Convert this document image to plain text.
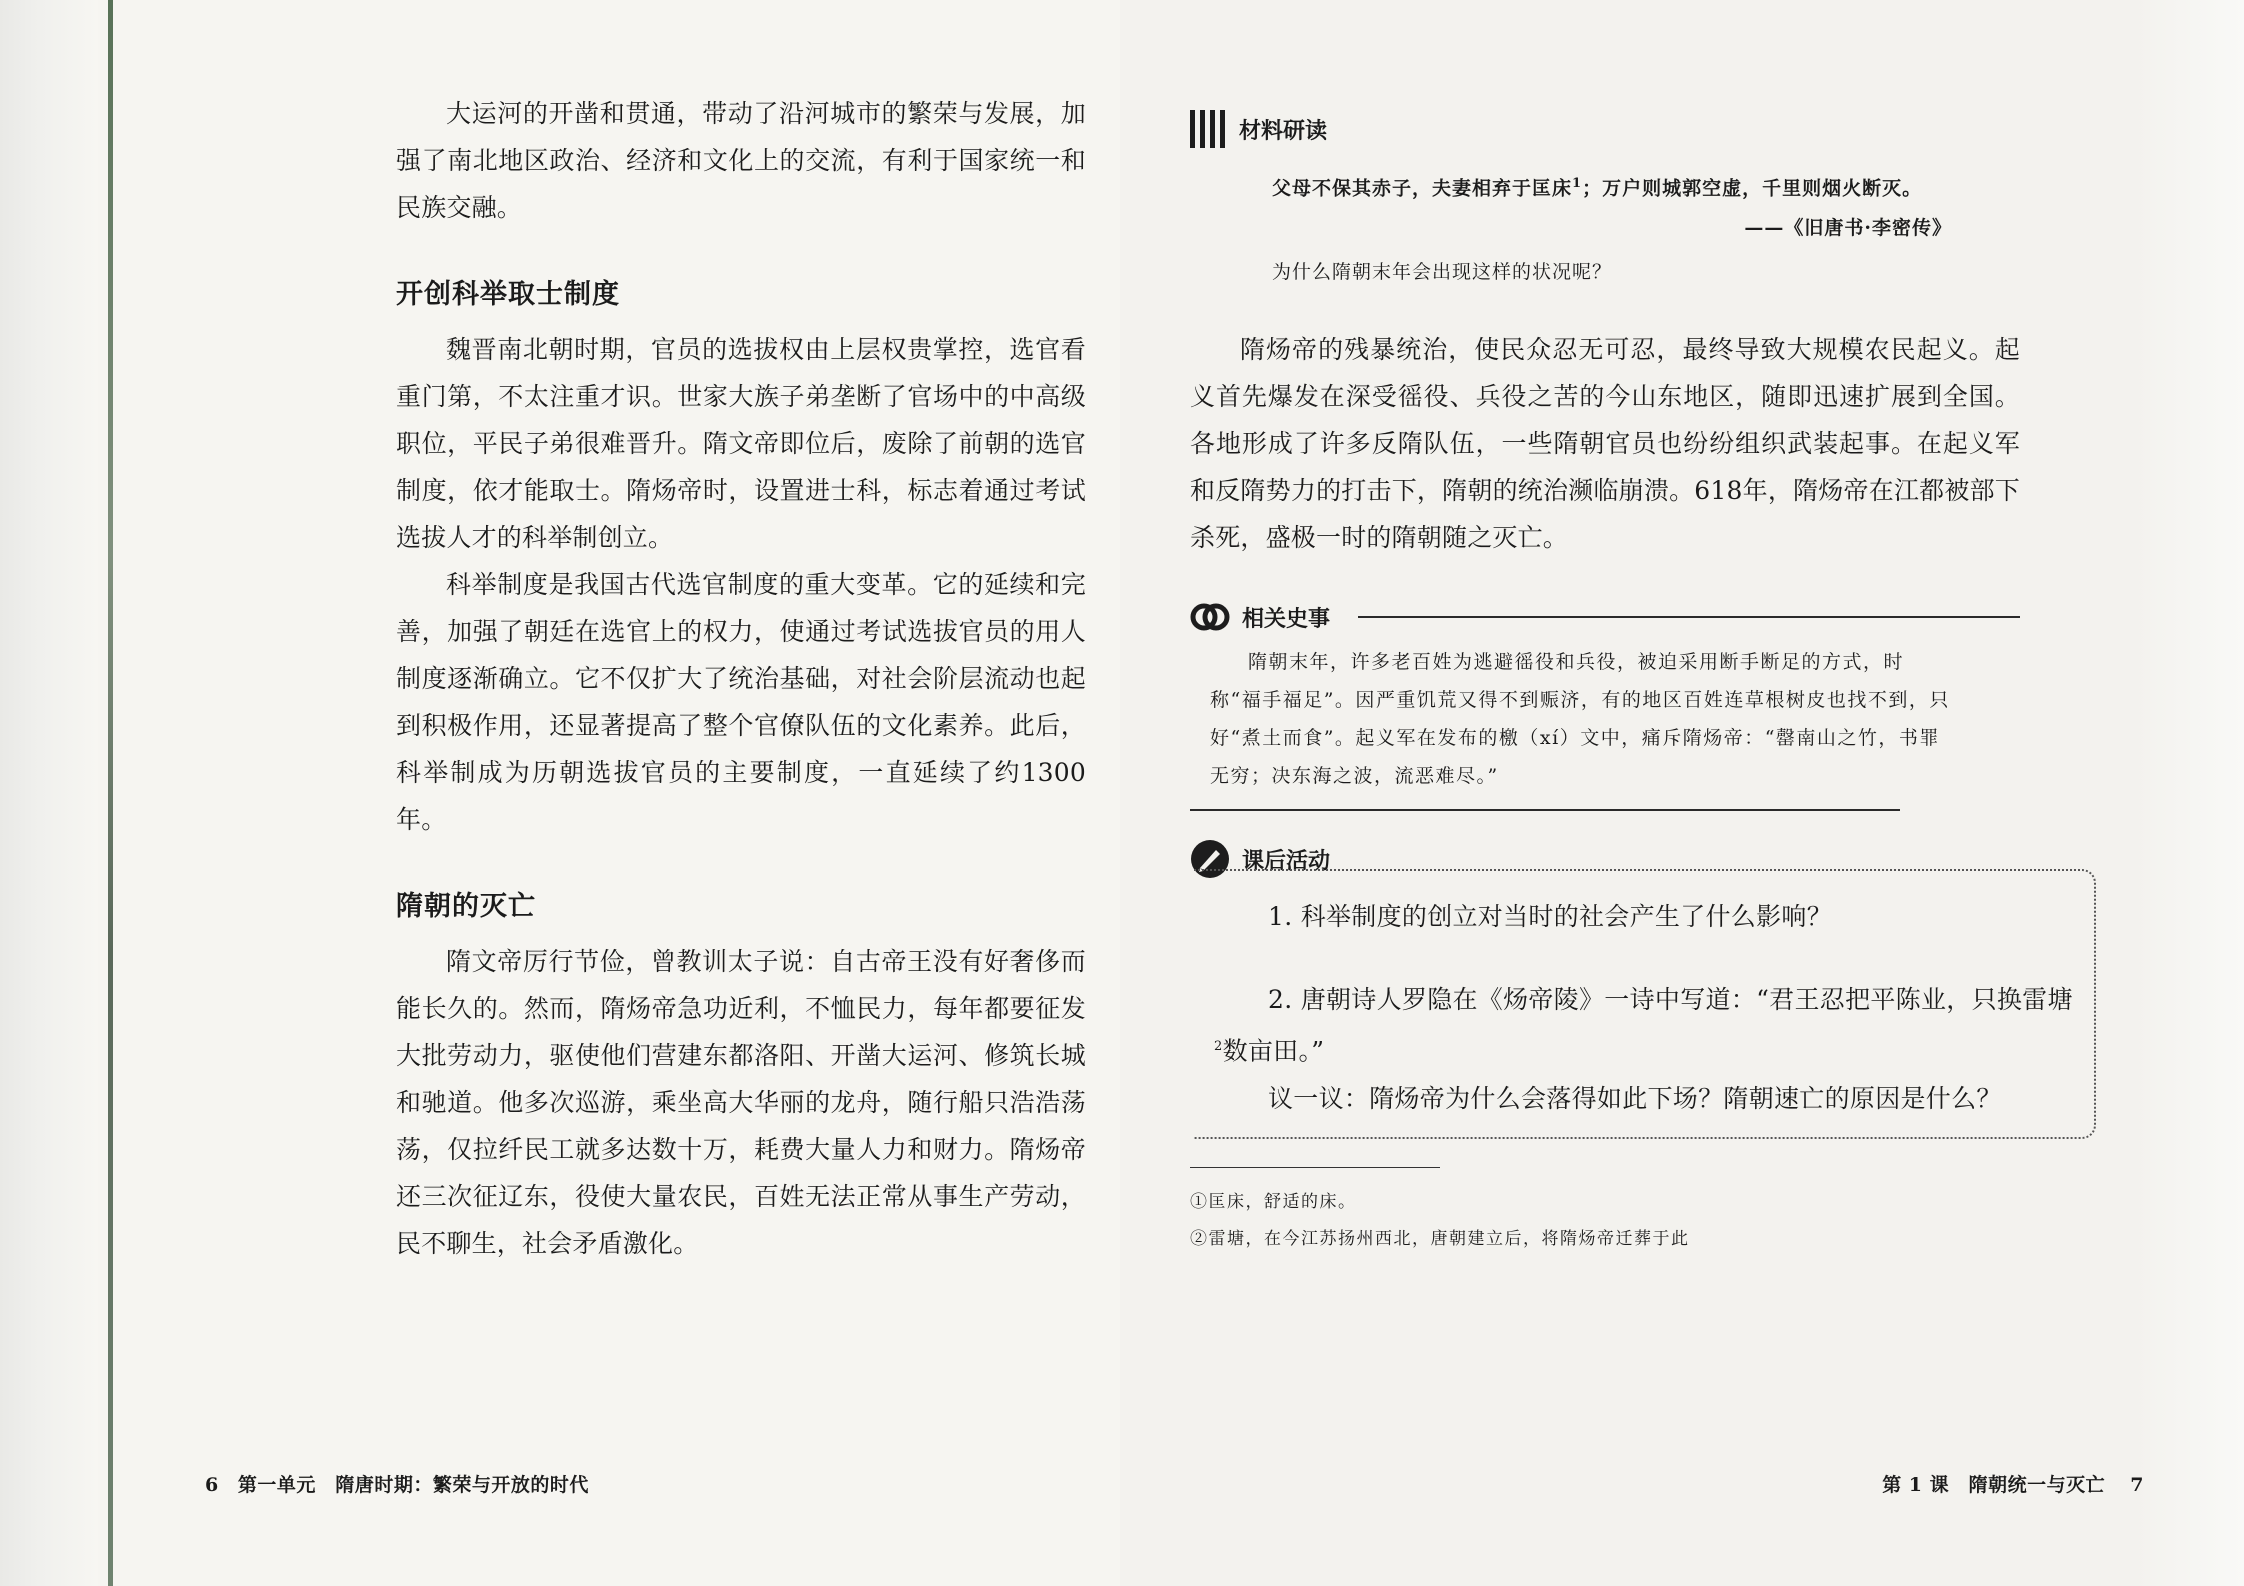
大运河的开凿和贯通，带动了沿河城市的繁荣与发展，加强了南北地区政治、经济和文化上的交流，有利于国家统一和民族交融。

开创科举取士制度

魏晋南北朝时期，官员的选拔权由上层权贵掌控，选官看重门第，不太注重才识。世家大族子弟垄断了官场中的中高级职位，平民子弟很难晋升。隋文帝即位后，废除了前朝的选官制度，依才能取士。隋炀帝时，设置进士科，标志着通过考试选拔人才的科举制创立。

科举制度是我国古代选官制度的重大变革。它的延续和完善，加强了朝廷在选官上的权力，使通过考试选拔官员的用人制度逐渐确立。它不仅扩大了统治基础，对社会阶层流动也起到积极作用，还显著提高了整个官僚队伍的文化素养。此后，科举制成为历朝选拔官员的主要制度，一直延续了约1300年。

隋朝的灭亡

隋文帝厉行节俭，曾教训太子说：自古帝王没有好奢侈而能长久的。然而，隋炀帝急功近利，不恤民力，每年都要征发大批劳动力，驱使他们营建东都洛阳、开凿大运河、修筑长城和驰道。他多次巡游，乘坐高大华丽的龙舟，随行船只浩浩荡荡，仅拉纤民工就多达数十万，耗费大量人力和财力。隋炀帝还三次征辽东，役使大量农民，百姓无法正常从事生产劳动，民不聊生，社会矛盾激化。

6 第一单元　隋唐时期：繁荣与开放的时代
材料研读

父母不保其赤子，夫妻相弃于匡床$^1$；万户则城郭空虚，千里则烟火断灭。

——《旧唐书·李密传》
为什么隋朝末年会出现这样的状况呢？

隋炀帝的残暴统治，使民众忍无可忍，最终导致大规模农民起义。起义首先爆发在深受徭役、兵役之苦的今山东地区，随即迅速扩展到全国。各地形成了许多反隋队伍，一些隋朝官员也纷纷组织武装起事。在起义军和反隋势力的打击下，隋朝的统治濒临崩溃。618年，隋炀帝在江都被部下杀死，盛极一时的隋朝随之灭亡。

相关史事

隋朝末年，许多老百姓为逃避徭役和兵役，被迫采用断手断足的方式，时称“福手福足”。因严重饥荒又得不到赈济，有的地区百姓连草根树皮也找不到，只好“煮土而食”。起义军在发布的檄（xí）文中，痛斥隋炀帝：“罄南山之竹，书罪无穷；决东海之波，流恶难尽。”

课后活动

1. 科举制度的创立对当时的社会产生了什么影响？

2. 唐朝诗人罗隐在《炀帝陵》一诗中写道：“君王忍把平陈业，只换雷塘$^2$数亩田。”

议一议：隋炀帝为什么会落得如此下场？隋朝速亡的原因是什么？

①匡床，舒适的床。

②雷塘，在今江苏扬州西北，唐朝建立后，将隋炀帝迁葬于此

第 1 课　隋朝统一与灭亡 7
